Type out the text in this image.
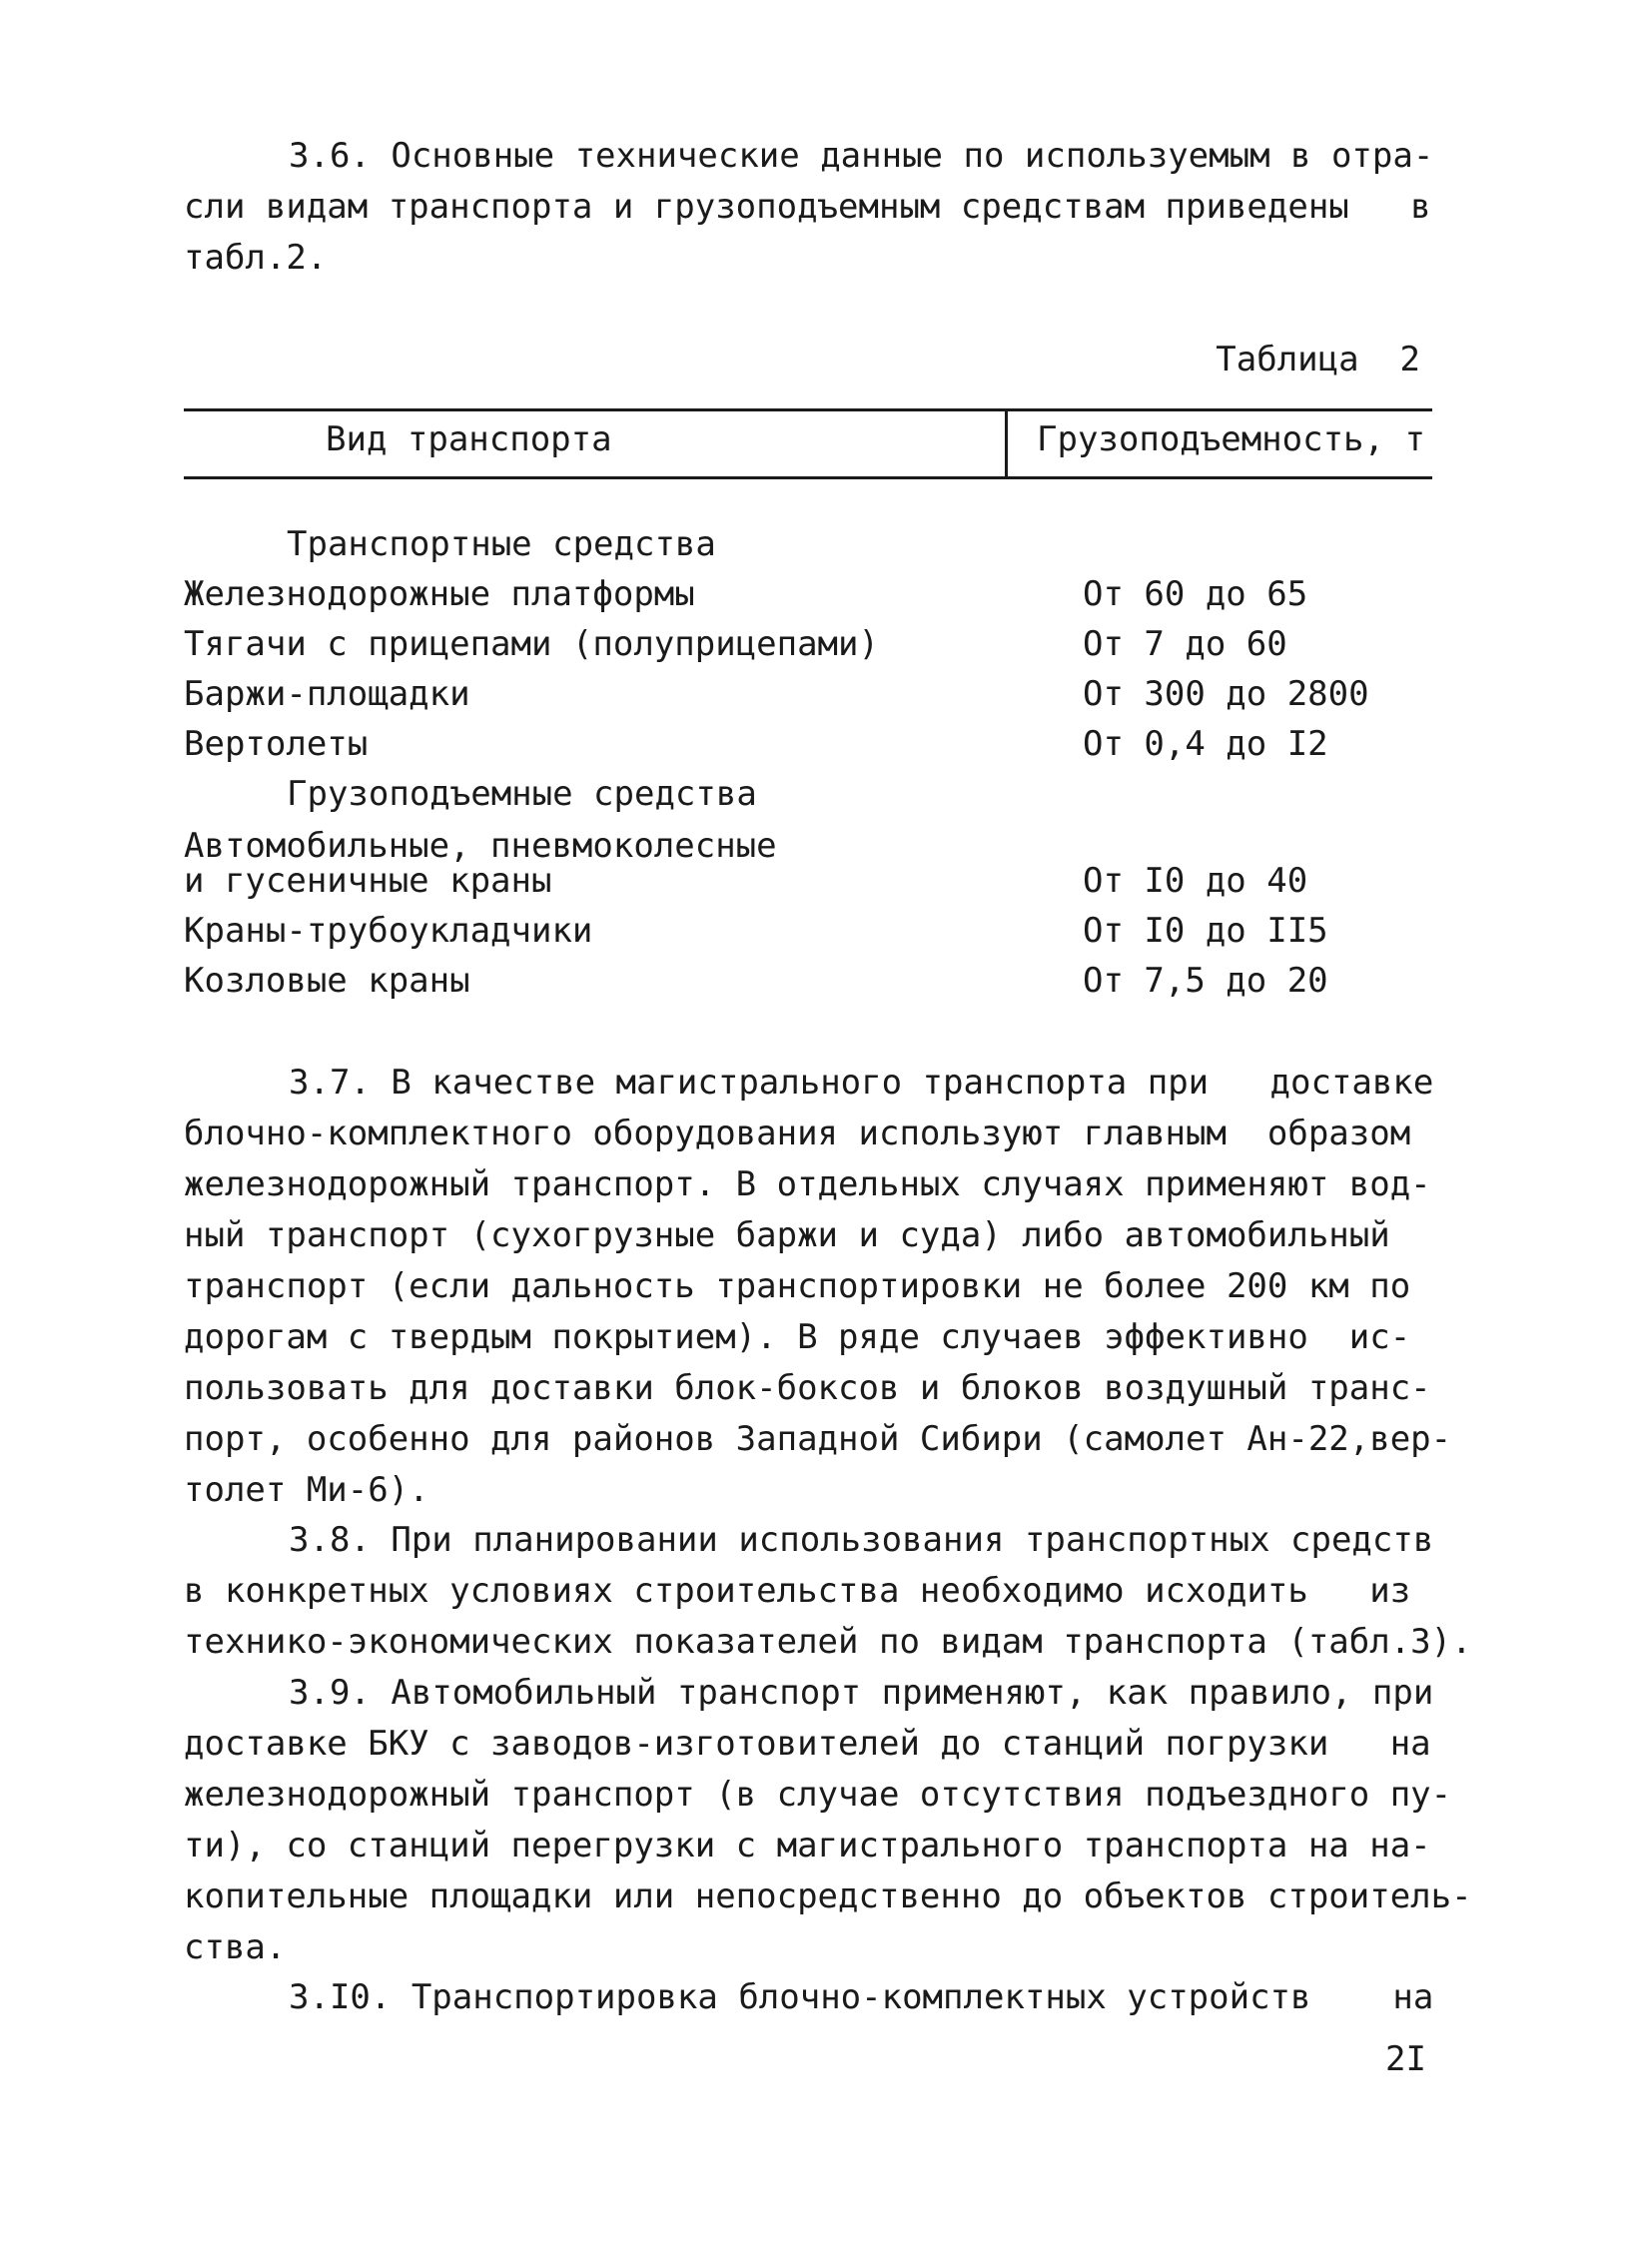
3.6. Основные технические данные по используемым в отра-
сли видам транспорта и грузоподъемным средствам приведены   в
табл.2.
Таблица  2
Вид транспорта	Грузоподъемность, т
Транспортные средства
Железнодорожные платформы	От 60 до 65
Тягачи с прицепами (полуприцепами)	От 7 до 60
Баржи-площадки	От 300 до 2800
Вертолеты	От 0,4 до I2
Грузоподъемные средства
Автомобильные, пневмоколесные
и гусеничные краны	От I0 до 40
Краны-трубоукладчики	От I0 до II5
Козловые краны	От 7,5 до 20
3.7. В качестве магистрального транспорта при   доставке
блочно-комплектного оборудования используют главным  образом
железнодорожный транспорт. В отдельных случаях применяют вод-
ный транспорт (сухогрузные баржи и суда) либо автомобильный
транспорт (если дальность транспортировки не более 200 км по
дорогам с твердым покрытием). В ряде случаев эффективно  ис-
пользовать для доставки блок-боксов и блоков воздушный транс-
порт, особенно для районов Западной Сибири (самолет Ан-22,вер-
толет Ми-6).
3.8. При планировании использования транспортных средств
в конкретных условиях строительства необходимо исходить   из
технико-экономических показателей по видам транспорта (табл.3).
3.9. Автомобильный транспорт применяют, как правило, при
доставке БКУ с заводов-изготовителей до станций погрузки   на
железнодорожный транспорт (в случае отсутствия подъездного пу-
ти), со станций перегрузки с магистрального транспорта на на-
копительные площадки или непосредственно до объектов строитель-
ства.
3.I0. Транспортировка блочно-комплектных устройств    на
2I
